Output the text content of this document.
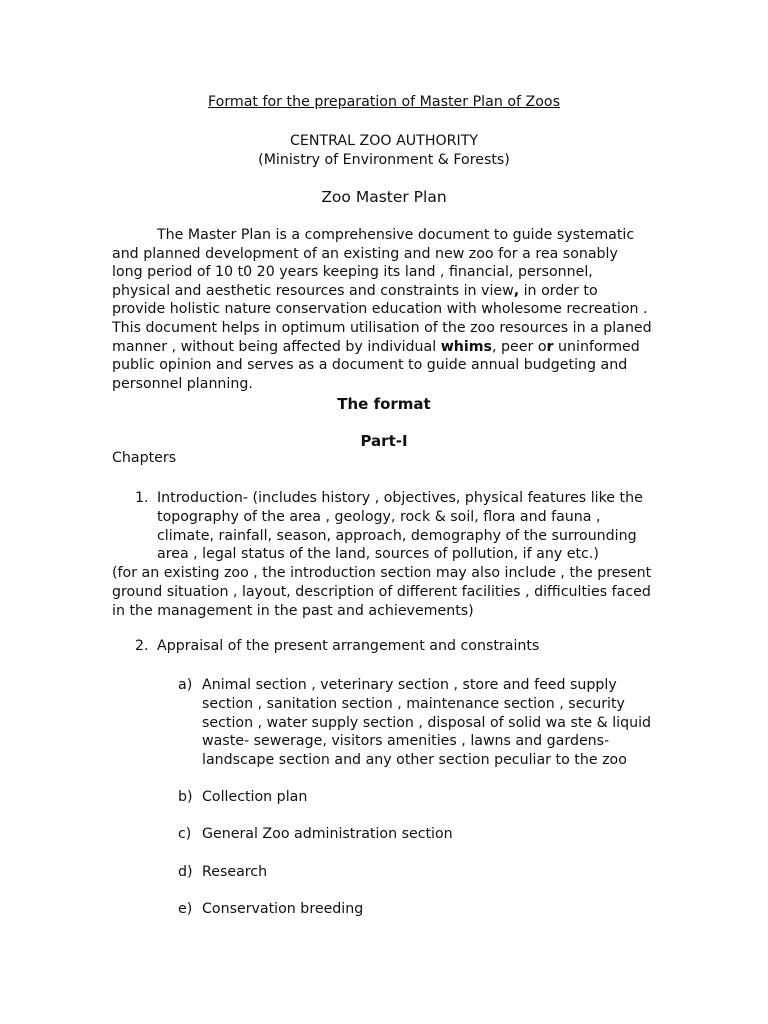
Format for the preparation of Master Plan of Zoos
CENTRAL ZOO AUTHORITY
(Ministry of Environment & Forests)
Zoo Master Plan

The Master Plan is a comprehensive document to guide systematic and planned development of an existing and new zoo for a rea sonably long period of 10 t0 20 years keeping its land , financial, personnel, physical and aesthetic resources and constraints in view, in order to provide holistic nature conservation education with wholesome recreation . This document helps in optimum utilisation of the zoo resources in a planed manner , without being affected by individual whims, peer or uninformed public opinion and serves as a document to guide annual budgeting and personnel planning.

The format
Part-I
Chapters
1. Introduction- (includes history , objectives, physical features like the topography of the area , geology, rock & soil, flora and fauna , climate, rainfall, season, approach, demography of the surrounding area , legal status of the land, sources of pollution, if any etc.)
(for an existing zoo , the introduction section may also include , the present ground situation , layout, description of different facilities , difficulties faced in the management in the past and achievements)
2. Appraisal of the present arrangement and constraints
a) Animal section , veterinary section , store and feed supply section , sanitation section , maintenance section , security section , water supply section , disposal of solid wa ste & liquid waste- sewerage, visitors amenities , lawns and gardens- landscape section and any other section peculiar to the zoo
b) Collection plan
c) General Zoo administration section
d) Research
e) Conservation breeding
